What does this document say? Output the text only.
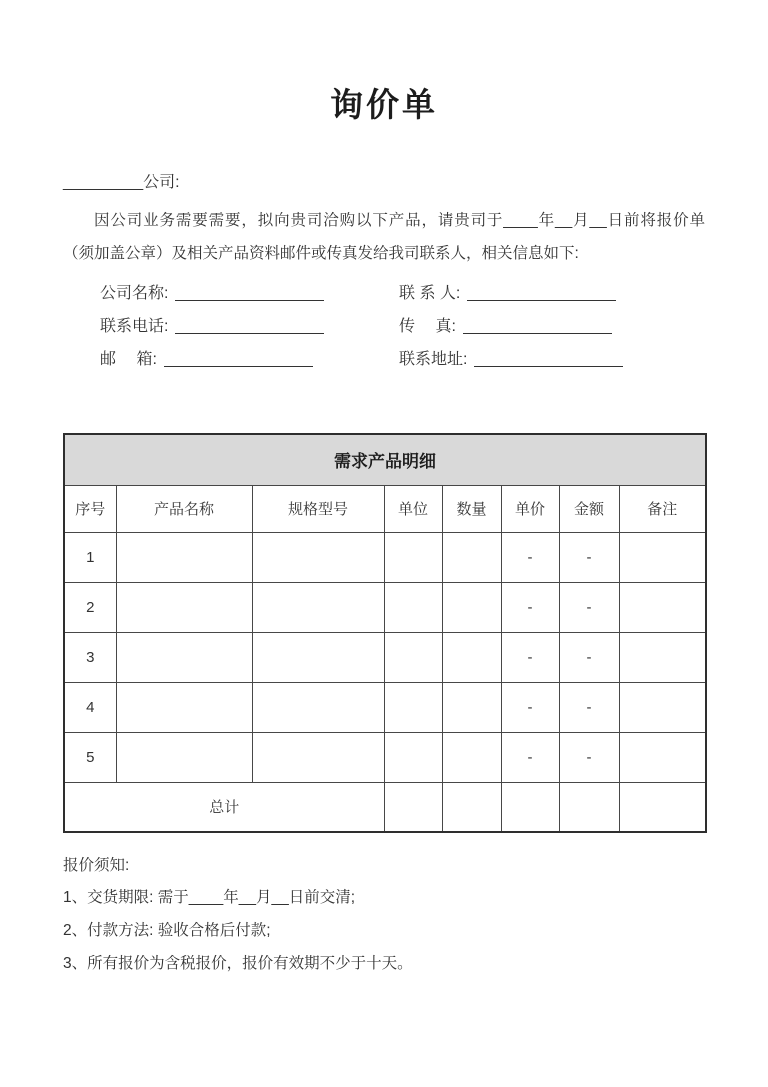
询价单
_________公司:

因公司业务需要需要，拟向贵司洽购以下产品，请贵司于____年__月__日前将报价单（须加盖公章）及相关产品资料邮件或传真发给我司联系人，相关信息如下:

公司名称:	联 系 人:
联系电话:	传　 真:
邮　 箱:	联系地址:
需求产品明细							
序号	产品名称	规格型号	单位	数量	单价	金额	备注
1					-	-	
2					-	-	
3					-	-	
4					-	-	
5					-	-	
总计							
报价须知:
1、交货期限: 需于____年__月__日前交清;
2、付款方法: 验收合格后付款;
3、所有报价为含税报价，报价有效期不少于十天。
